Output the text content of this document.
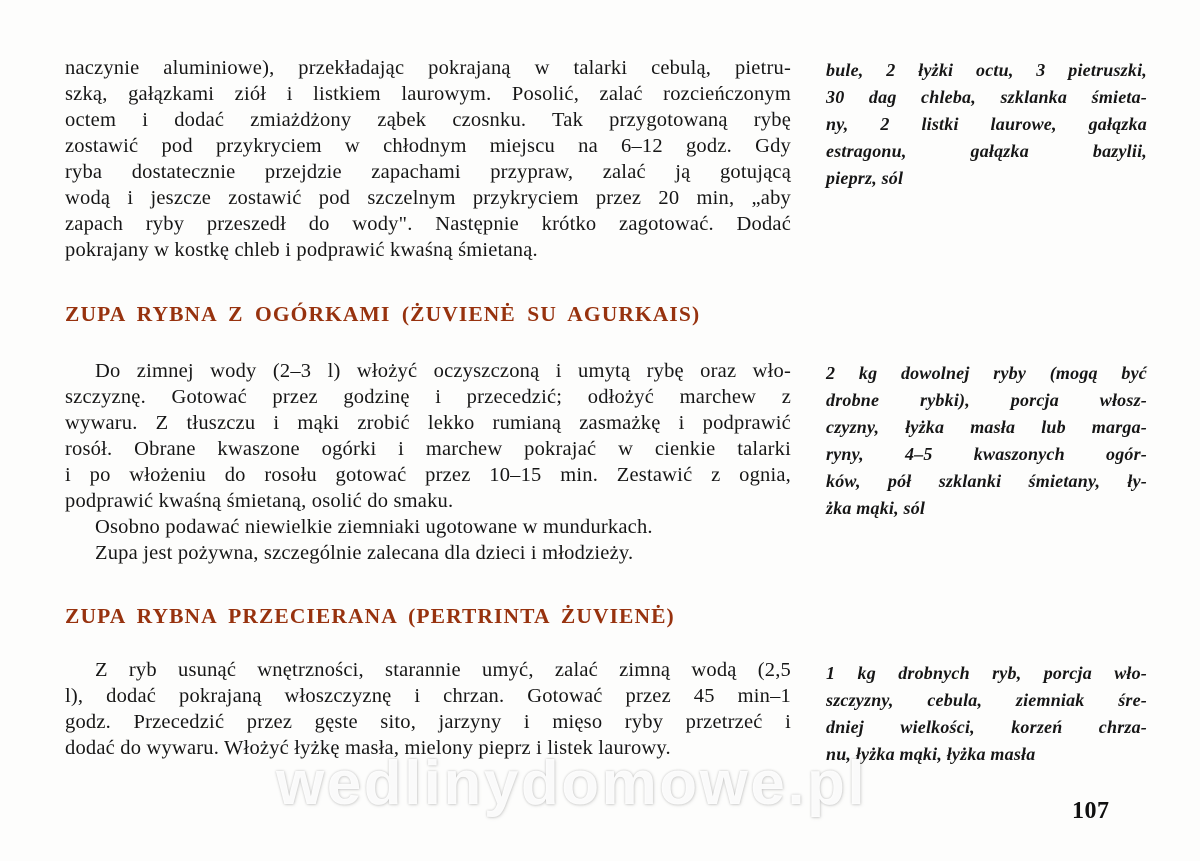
naczynie aluminiowe), przekładając pokrajaną w talarki cebulą, pietru-
szką, gałązkami ziół i listkiem laurowym. Posolić, zalać rozcieńczonym
octem i dodać zmiażdżony ząbek czosnku. Tak przygotowaną rybę
zostawić pod przykryciem w chłodnym miejscu na 6–12 godz. Gdy
ryba dostatecznie przejdzie zapachami przypraw, zalać ją gotującą
wodą i jeszcze zostawić pod szczelnym przykryciem przez 20 min, „aby
zapach ryby przeszedł do wody". Następnie krótko zagotować. Dodać
pokrajany w kostkę chleb i podprawić kwaśną śmietaną.
bule, 2 łyżki octu, 3 pietruszki,
30 dag chleba, szklanka śmieta-
ny, 2 listki laurowe, gałązka
estragonu, gałązka bazylii,
pieprz, sól
ZUPA RYBNA Z OGÓRKAMI (ŻUVIENĖ SU AGURKAIS)
Do zimnej wody (2–3 l) włożyć oczyszczoną i umytą rybę oraz wło-
szczyznę. Gotować przez godzinę i przecedzić; odłożyć marchew z
wywaru. Z tłuszczu i mąki zrobić lekko rumianą zasmażkę i podprawić
rosół. Obrane kwaszone ogórki i marchew pokrajać w cienkie talarki
i po włożeniu do rosołu gotować przez 10–15 min. Zestawić z ognia,
podprawić kwaśną śmietaną, osolić do smaku.
Osobno podawać niewielkie ziemniaki ugotowane w mundurkach.
Zupa jest pożywna, szczególnie zalecana dla dzieci i młodzieży.
2 kg dowolnej ryby (mogą być
drobne rybki), porcja włosz-
czyzny, łyżka masła lub marga-
ryny, 4–5 kwaszonych ogór-
ków, pół szklanki śmietany, ły-
żka mąki, sól
ZUPA RYBNA PRZECIERANA (PERTRINTA ŻUVIENĖ)
Z ryb usunąć wnętrzności, starannie umyć, zalać zimną wodą (2,5
l), dodać pokrajaną włoszczyznę i chrzan. Gotować przez 45 min–1
godz. Przecedzić przez gęste sito, jarzyny i mięso ryby przetrzeć i
dodać do wywaru. Włożyć łyżkę masła, mielony pieprz i listek laurowy.
1 kg drobnych ryb, porcja wło-
szczyzny, cebula, ziemniak śre-
dniej wielkości, korzeń chrza-
nu, łyżka mąki, łyżka masła
wedlinydomowe.pl	107
